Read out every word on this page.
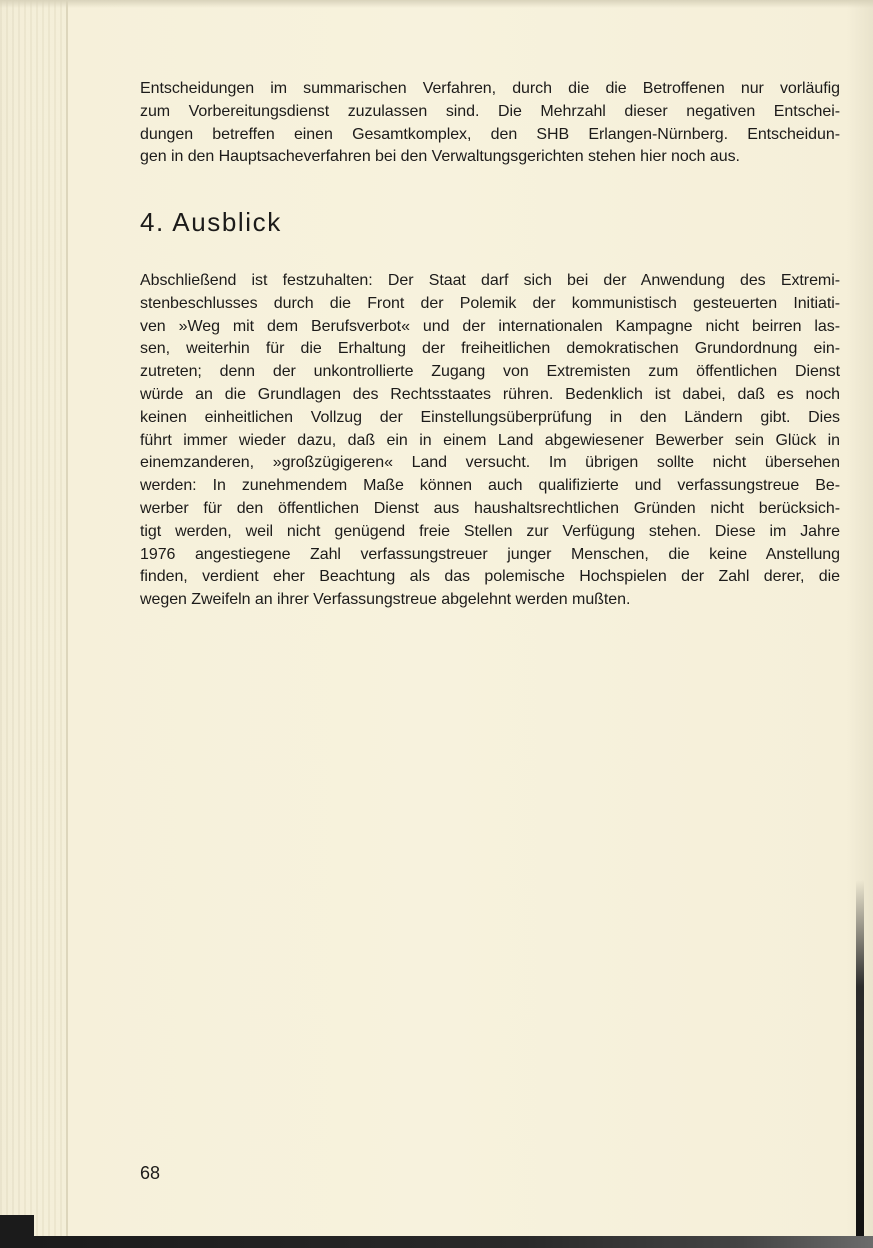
Entscheidungen im summarischen Verfahren, durch die die Betroffenen nur vorläufig
zum Vorbereitungsdienst zuzulassen sind. Die Mehrzahl dieser negativen Entschei-
dungen betreffen einen Gesamtkomplex, den SHB Erlangen-Nürnberg. Entscheidun-
gen in den Hauptsacheverfahren bei den Verwaltungsgerichten stehen hier noch aus.

4. Ausblick

Abschließend ist festzuhalten: Der Staat darf sich bei der Anwendung des Extremi-
stenbeschlusses durch die Front der Polemik der kommunistisch gesteuerten Initiati-
ven »Weg mit dem Berufsverbot« und der internationalen Kampagne nicht beirren las-
sen, weiterhin für die Erhaltung der freiheitlichen demokratischen Grundordnung ein-
zutreten; denn der unkontrollierte Zugang von Extremisten zum öffentlichen Dienst
würde an die Grundlagen des Rechtsstaates rühren. Bedenklich ist dabei, daß es noch
keinen einheitlichen Vollzug der Einstellungsüberprüfung in den Ländern gibt. Dies
führt immer wieder dazu, daß ein in einem Land abgewiesener Bewerber sein Glück in
einemzanderen, »großzügigeren« Land versucht. Im übrigen sollte nicht übersehen
werden: In zunehmendem Maße können auch qualifizierte und verfassungstreue Be-
werber für den öffentlichen Dienst aus haushaltsrechtlichen Gründen nicht berücksich-
tigt werden, weil nicht genügend freie Stellen zur Verfügung stehen. Diese im Jahre
1976 angestiegene Zahl verfassungstreuer junger Menschen, die keine Anstellung
finden, verdient eher Beachtung als das polemische Hochspielen der Zahl derer, die
wegen Zweifeln an ihrer Verfassungstreue abgelehnt werden mußten.

68
